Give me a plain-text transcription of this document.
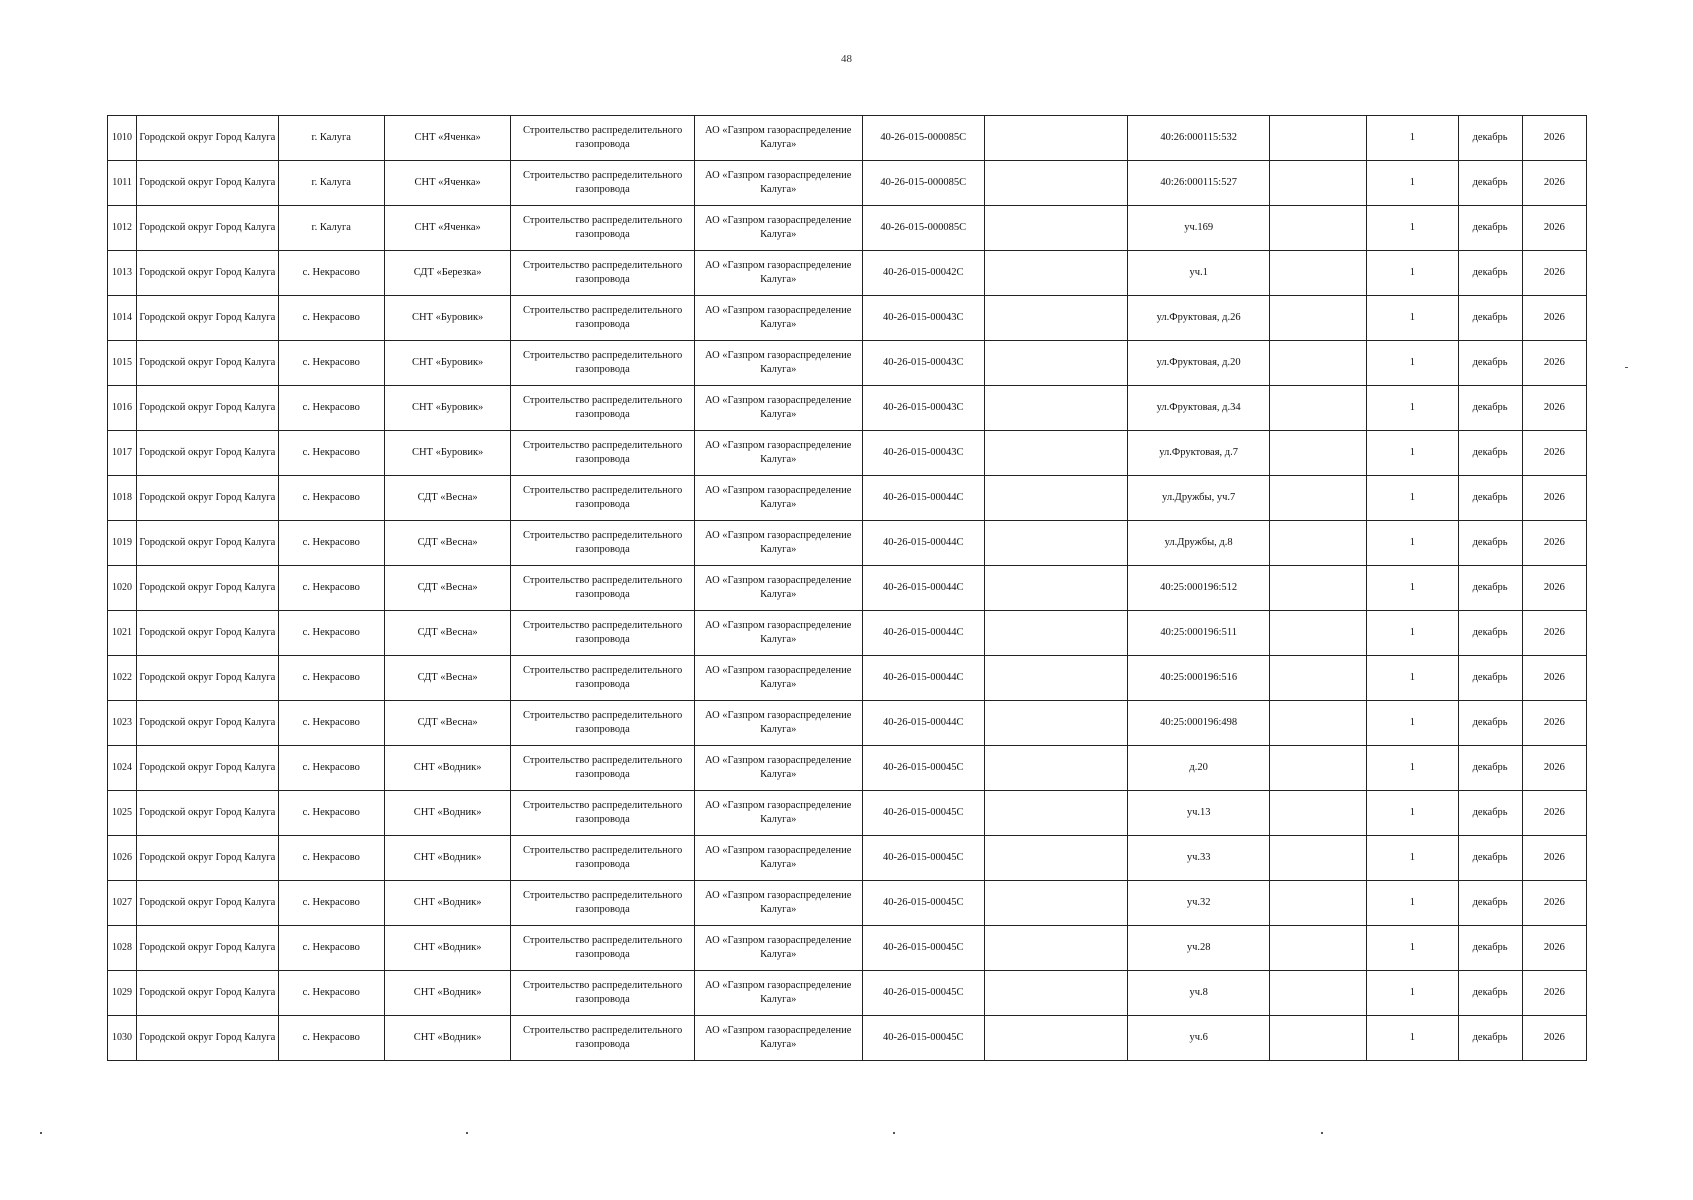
48
1010	Городской округ Город Калуга	г. Калуга	СНТ «Яченка»	Строительство распределительного газопровода	АО «Газпром газораспределение Калуга»	40-26-015-000085С		40:26:000115:532		1	декабрь	2026
1011	Городской округ Город Калуга	г. Калуга	СНТ «Яченка»	Строительство распределительного газопровода	АО «Газпром газораспределение Калуга»	40-26-015-000085С		40:26:000115:527		1	декабрь	2026
1012	Городской округ Город Калуга	г. Калуга	СНТ «Яченка»	Строительство распределительного газопровода	АО «Газпром газораспределение Калуга»	40-26-015-000085С		уч.169		1	декабрь	2026
1013	Городской округ Город Калуга	с. Некрасово	СДТ «Березка»	Строительство распределительного газопровода	АО «Газпром газораспределение Калуга»	40-26-015-00042С		уч.1		1	декабрь	2026
1014	Городской округ Город Калуга	с. Некрасово	СНТ «Буровик»	Строительство распределительного газопровода	АО «Газпром газораспределение Калуга»	40-26-015-00043С		ул.Фруктовая, д.26		1	декабрь	2026
1015	Городской округ Город Калуга	с. Некрасово	СНТ «Буровик»	Строительство распределительного газопровода	АО «Газпром газораспределение Калуга»	40-26-015-00043С		ул.Фруктовая, д.20		1	декабрь	2026
1016	Городской округ Город Калуга	с. Некрасово	СНТ «Буровик»	Строительство распределительного газопровода	АО «Газпром газораспределение Калуга»	40-26-015-00043С		ул.Фруктовая, д.34		1	декабрь	2026
1017	Городской округ Город Калуга	с. Некрасово	СНТ «Буровик»	Строительство распределительного газопровода	АО «Газпром газораспределение Калуга»	40-26-015-00043С		ул.Фруктовая, д.7		1	декабрь	2026
1018	Городской округ Город Калуга	с. Некрасово	СДТ «Весна»	Строительство распределительного газопровода	АО «Газпром газораспределение Калуга»	40-26-015-00044С		ул.Дружбы, уч.7		1	декабрь	2026
1019	Городской округ Город Калуга	с. Некрасово	СДТ «Весна»	Строительство распределительного газопровода	АО «Газпром газораспределение Калуга»	40-26-015-00044С		ул.Дружбы, д.8		1	декабрь	2026
1020	Городской округ Город Калуга	с. Некрасово	СДТ «Весна»	Строительство распределительного газопровода	АО «Газпром газораспределение Калуга»	40-26-015-00044С		40:25:000196:512		1	декабрь	2026
1021	Городской округ Город Калуга	с. Некрасово	СДТ «Весна»	Строительство распределительного газопровода	АО «Газпром газораспределение Калуга»	40-26-015-00044С		40:25:000196:511		1	декабрь	2026
1022	Городской округ Город Калуга	с. Некрасово	СДТ «Весна»	Строительство распределительного газопровода	АО «Газпром газораспределение Калуга»	40-26-015-00044С		40:25:000196:516		1	декабрь	2026
1023	Городской округ Город Калуга	с. Некрасово	СДТ «Весна»	Строительство распределительного газопровода	АО «Газпром газораспределение Калуга»	40-26-015-00044С		40:25:000196:498		1	декабрь	2026
1024	Городской округ Город Калуга	с. Некрасово	СНТ «Водник»	Строительство распределительного газопровода	АО «Газпром газораспределение Калуга»	40-26-015-00045С		д.20		1	декабрь	2026
1025	Городской округ Город Калуга	с. Некрасово	СНТ «Водник»	Строительство распределительного газопровода	АО «Газпром газораспределение Калуга»	40-26-015-00045С		уч.13		1	декабрь	2026
1026	Городской округ Город Калуга	с. Некрасово	СНТ «Водник»	Строительство распределительного газопровода	АО «Газпром газораспределение Калуга»	40-26-015-00045С		уч.33		1	декабрь	2026
1027	Городской округ Город Калуга	с. Некрасово	СНТ «Водник»	Строительство распределительного газопровода	АО «Газпром газораспределение Калуга»	40-26-015-00045С		уч.32		1	декабрь	2026
1028	Городской округ Город Калуга	с. Некрасово	СНТ «Водник»	Строительство распределительного газопровода	АО «Газпром газораспределение Калуга»	40-26-015-00045С		уч.28		1	декабрь	2026
1029	Городской округ Город Калуга	с. Некрасово	СНТ «Водник»	Строительство распределительного газопровода	АО «Газпром газораспределение Калуга»	40-26-015-00045С		уч.8		1	декабрь	2026
1030	Городской округ Город Калуга	с. Некрасово	СНТ «Водник»	Строительство распределительного газопровода	АО «Газпром газораспределение Калуга»	40-26-015-00045С		уч.6		1	декабрь	2026
